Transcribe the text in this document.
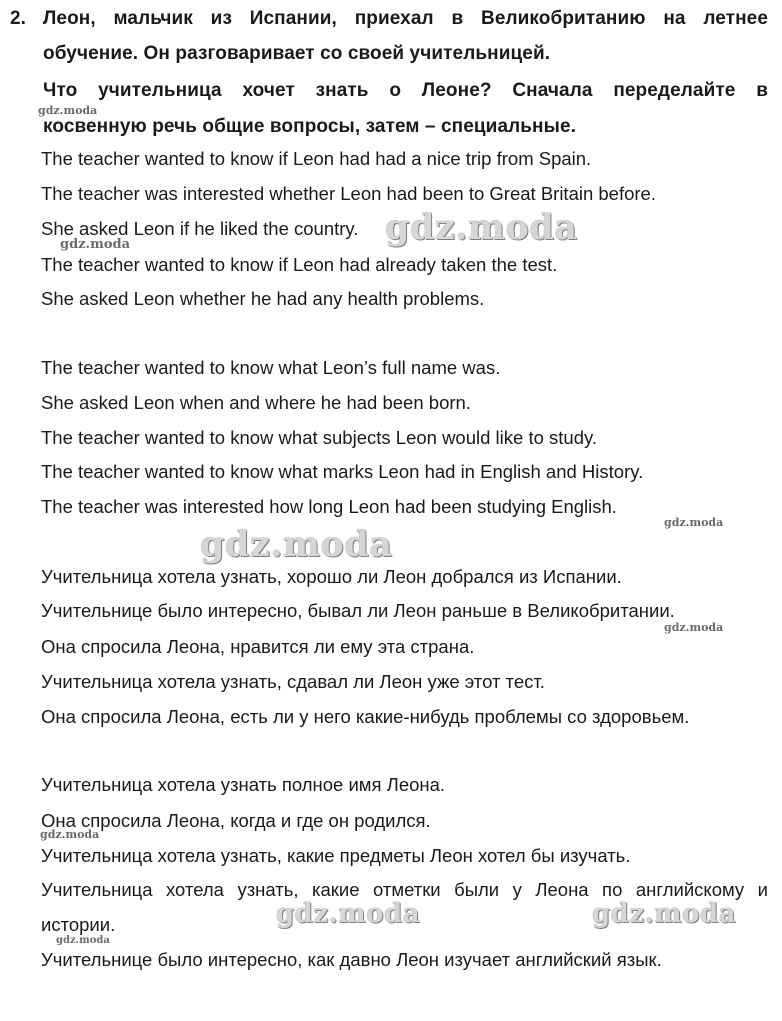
2. Леон, мальчик из Испании, приехал в Великобританию на летнее
обучение. Он разговаривает со своей учительницей.
Что учительница хочет знать о Леоне? Сначала переделайте в
косвенную речь общие вопросы, затем – специальные.
The teacher wanted to know if Leon had had a nice trip from Spain.
The teacher was interested whether Leon had been to Great Britain before.
She asked Leon if he liked the country.
The teacher wanted to know if Leon had already taken the test.
She asked Leon whether he had any health problems.
The teacher wanted to know what Leon’s full name was.
She asked Leon when and where he had been born.
The teacher wanted to know what subjects Leon would like to study.
The teacher wanted to know what marks Leon had in English and History.
The teacher was interested how long Leon had been studying English.
Учительница хотела узнать, хорошо ли Леон добрался из Испании.
Учительнице было интересно, бывал ли Леон раньше в Великобритании.
Она спросила Леона, нравится ли ему эта страна.
Учительница хотела узнать, сдавал ли Леон уже этот тест.
Она спросила Леона, есть ли у него какие-нибудь проблемы со здоровьем.
Учительница хотела узнать полное имя Леона.
Она спросила Леона, когда и где он родился.
Учительница хотела узнать, какие предметы Леон хотел бы изучать.
Учительница хотела узнать, какие отметки были у Леона по английскому и
истории.
Учительнице было интересно, как давно Леон изучает английский язык.
gdz.moda
gdz.moda
gdz.moda
gdz.moda
gdz.moda
gdz.moda
gdz.moda
gdz.moda	gdz.moda
gdz.moda
